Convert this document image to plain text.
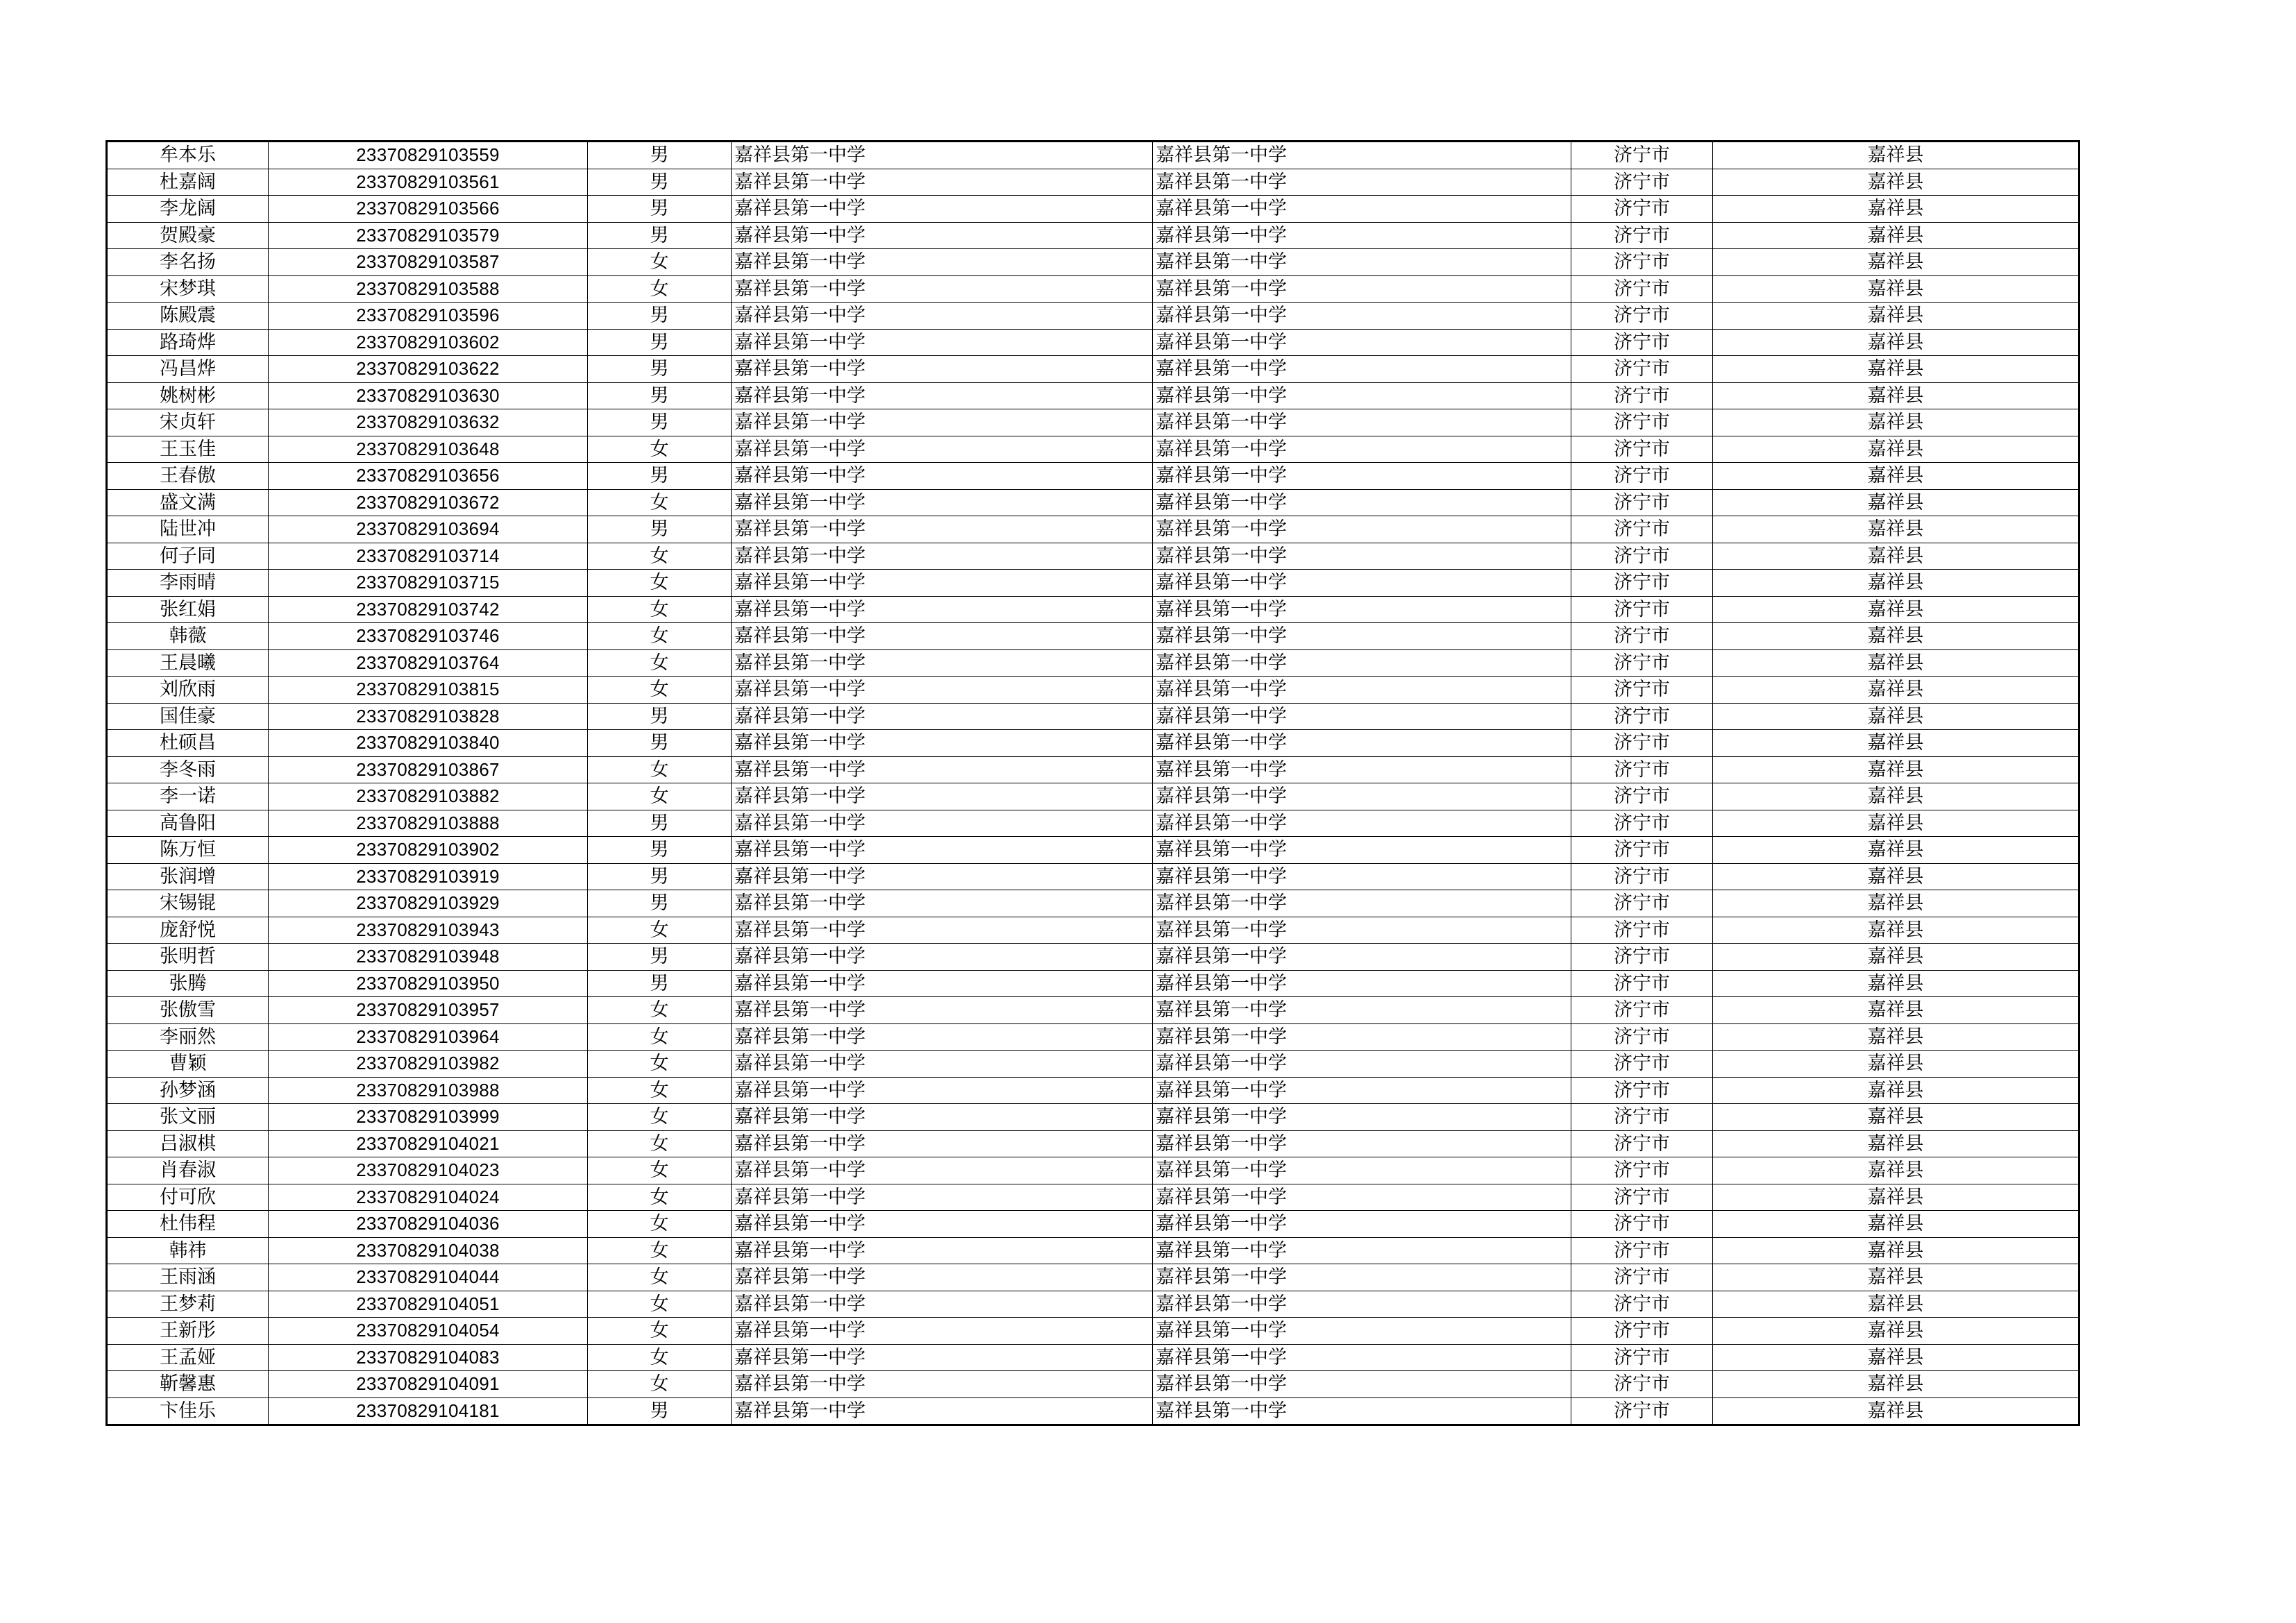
牟本乐	23370829103559	男	嘉祥县第一中学	嘉祥县第一中学	济宁市	嘉祥县
杜嘉阔	23370829103561	男	嘉祥县第一中学	嘉祥县第一中学	济宁市	嘉祥县
李龙阔	23370829103566	男	嘉祥县第一中学	嘉祥县第一中学	济宁市	嘉祥县
贺殿豪	23370829103579	男	嘉祥县第一中学	嘉祥县第一中学	济宁市	嘉祥县
李名扬	23370829103587	女	嘉祥县第一中学	嘉祥县第一中学	济宁市	嘉祥县
宋梦琪	23370829103588	女	嘉祥县第一中学	嘉祥县第一中学	济宁市	嘉祥县
陈殿震	23370829103596	男	嘉祥县第一中学	嘉祥县第一中学	济宁市	嘉祥县
路琦烨	23370829103602	男	嘉祥县第一中学	嘉祥县第一中学	济宁市	嘉祥县
冯昌烨	23370829103622	男	嘉祥县第一中学	嘉祥县第一中学	济宁市	嘉祥县
姚树彬	23370829103630	男	嘉祥县第一中学	嘉祥县第一中学	济宁市	嘉祥县
宋贞轩	23370829103632	男	嘉祥县第一中学	嘉祥县第一中学	济宁市	嘉祥县
王玉佳	23370829103648	女	嘉祥县第一中学	嘉祥县第一中学	济宁市	嘉祥县
王春傲	23370829103656	男	嘉祥县第一中学	嘉祥县第一中学	济宁市	嘉祥县
盛文满	23370829103672	女	嘉祥县第一中学	嘉祥县第一中学	济宁市	嘉祥县
陆世冲	23370829103694	男	嘉祥县第一中学	嘉祥县第一中学	济宁市	嘉祥县
何子同	23370829103714	女	嘉祥县第一中学	嘉祥县第一中学	济宁市	嘉祥县
李雨晴	23370829103715	女	嘉祥县第一中学	嘉祥县第一中学	济宁市	嘉祥县
张红娟	23370829103742	女	嘉祥县第一中学	嘉祥县第一中学	济宁市	嘉祥县
韩薇	23370829103746	女	嘉祥县第一中学	嘉祥县第一中学	济宁市	嘉祥县
王晨曦	23370829103764	女	嘉祥县第一中学	嘉祥县第一中学	济宁市	嘉祥县
刘欣雨	23370829103815	女	嘉祥县第一中学	嘉祥县第一中学	济宁市	嘉祥县
国佳豪	23370829103828	男	嘉祥县第一中学	嘉祥县第一中学	济宁市	嘉祥县
杜硕昌	23370829103840	男	嘉祥县第一中学	嘉祥县第一中学	济宁市	嘉祥县
李冬雨	23370829103867	女	嘉祥县第一中学	嘉祥县第一中学	济宁市	嘉祥县
李一诺	23370829103882	女	嘉祥县第一中学	嘉祥县第一中学	济宁市	嘉祥县
高鲁阳	23370829103888	男	嘉祥县第一中学	嘉祥县第一中学	济宁市	嘉祥县
陈万恒	23370829103902	男	嘉祥县第一中学	嘉祥县第一中学	济宁市	嘉祥县
张润增	23370829103919	男	嘉祥县第一中学	嘉祥县第一中学	济宁市	嘉祥县
宋锡锟	23370829103929	男	嘉祥县第一中学	嘉祥县第一中学	济宁市	嘉祥县
庞舒悦	23370829103943	女	嘉祥县第一中学	嘉祥县第一中学	济宁市	嘉祥县
张明哲	23370829103948	男	嘉祥县第一中学	嘉祥县第一中学	济宁市	嘉祥县
张腾	23370829103950	男	嘉祥县第一中学	嘉祥县第一中学	济宁市	嘉祥县
张傲雪	23370829103957	女	嘉祥县第一中学	嘉祥县第一中学	济宁市	嘉祥县
李丽然	23370829103964	女	嘉祥县第一中学	嘉祥县第一中学	济宁市	嘉祥县
曹颖	23370829103982	女	嘉祥县第一中学	嘉祥县第一中学	济宁市	嘉祥县
孙梦涵	23370829103988	女	嘉祥县第一中学	嘉祥县第一中学	济宁市	嘉祥县
张文丽	23370829103999	女	嘉祥县第一中学	嘉祥县第一中学	济宁市	嘉祥县
吕淑棋	23370829104021	女	嘉祥县第一中学	嘉祥县第一中学	济宁市	嘉祥县
肖春淑	23370829104023	女	嘉祥县第一中学	嘉祥县第一中学	济宁市	嘉祥县
付可欣	23370829104024	女	嘉祥县第一中学	嘉祥县第一中学	济宁市	嘉祥县
杜伟程	23370829104036	女	嘉祥县第一中学	嘉祥县第一中学	济宁市	嘉祥县
韩祎	23370829104038	女	嘉祥县第一中学	嘉祥县第一中学	济宁市	嘉祥县
王雨涵	23370829104044	女	嘉祥县第一中学	嘉祥县第一中学	济宁市	嘉祥县
王梦莉	23370829104051	女	嘉祥县第一中学	嘉祥县第一中学	济宁市	嘉祥县
王新彤	23370829104054	女	嘉祥县第一中学	嘉祥县第一中学	济宁市	嘉祥县
王孟娅	23370829104083	女	嘉祥县第一中学	嘉祥县第一中学	济宁市	嘉祥县
靳馨惠	23370829104091	女	嘉祥县第一中学	嘉祥县第一中学	济宁市	嘉祥县
卞佳乐	23370829104181	男	嘉祥县第一中学	嘉祥县第一中学	济宁市	嘉祥县
